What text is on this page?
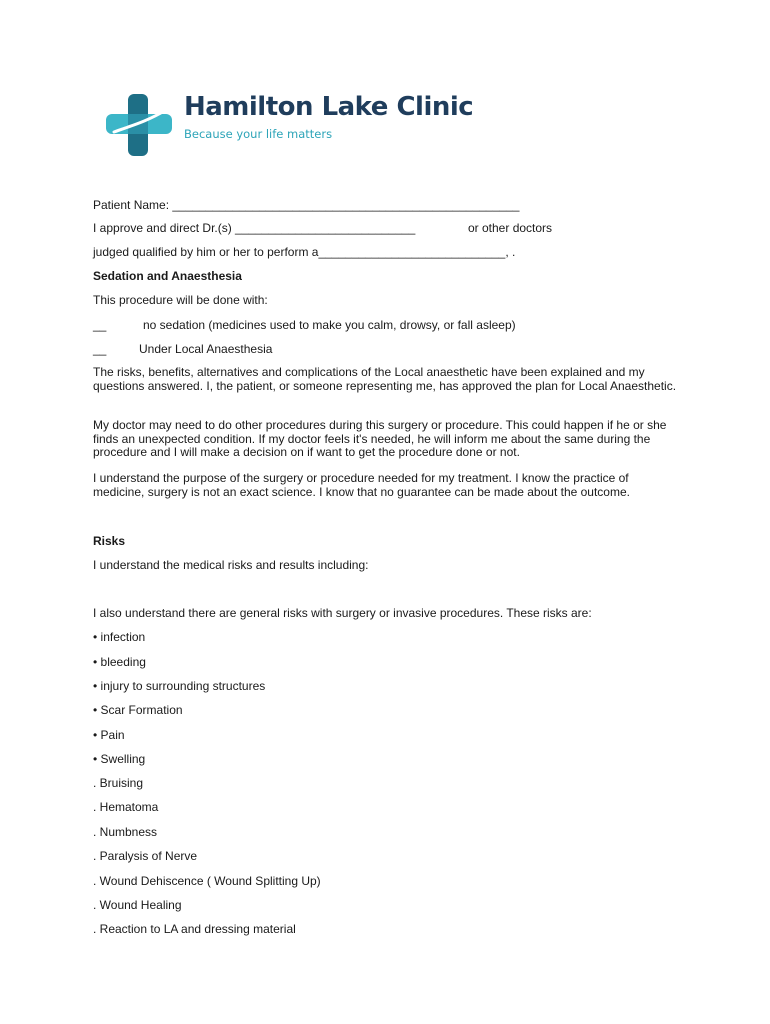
Hamilton Lake Clinic
Because your life matters

Patient Name: ____________________________________________________

I approve and direct Dr.(s) ___________________________	or other doctors

judged qualified by him or her to perform a____________________________, .

Sedation and Anaesthesia

This procedure will be done with:

__	no sedation (medicines used to make you calm, drowsy, or fall asleep)

__	Under Local Anaesthesia

The risks, benefits, alternatives and complications of the Local anaesthetic have been explained and my questions answered. I, the patient, or someone representing me, has approved the plan for Local Anaesthetic.

My doctor may need to do other procedures during this surgery or procedure. This could happen if he or she finds an unexpected condition. If my doctor feels it's needed, he will inform me about the same during the procedure and I will make a decision on if want to get the procedure done or not.

I understand the purpose of the surgery or procedure needed for my treatment. I know the practice of medicine, surgery is not an exact science. I know that no guarantee can be made about the outcome.

Risks

I understand the medical risks and results including:

I also understand there are general risks with surgery or invasive procedures. These risks are:

• infection

• bleeding

• injury to surrounding structures

• Scar Formation

• Pain

• Swelling

. Bruising

. Hematoma

. Numbness

. Paralysis of Nerve

. Wound Dehiscence ( Wound Splitting Up)

. Wound Healing

. Reaction to LA and dressing material
